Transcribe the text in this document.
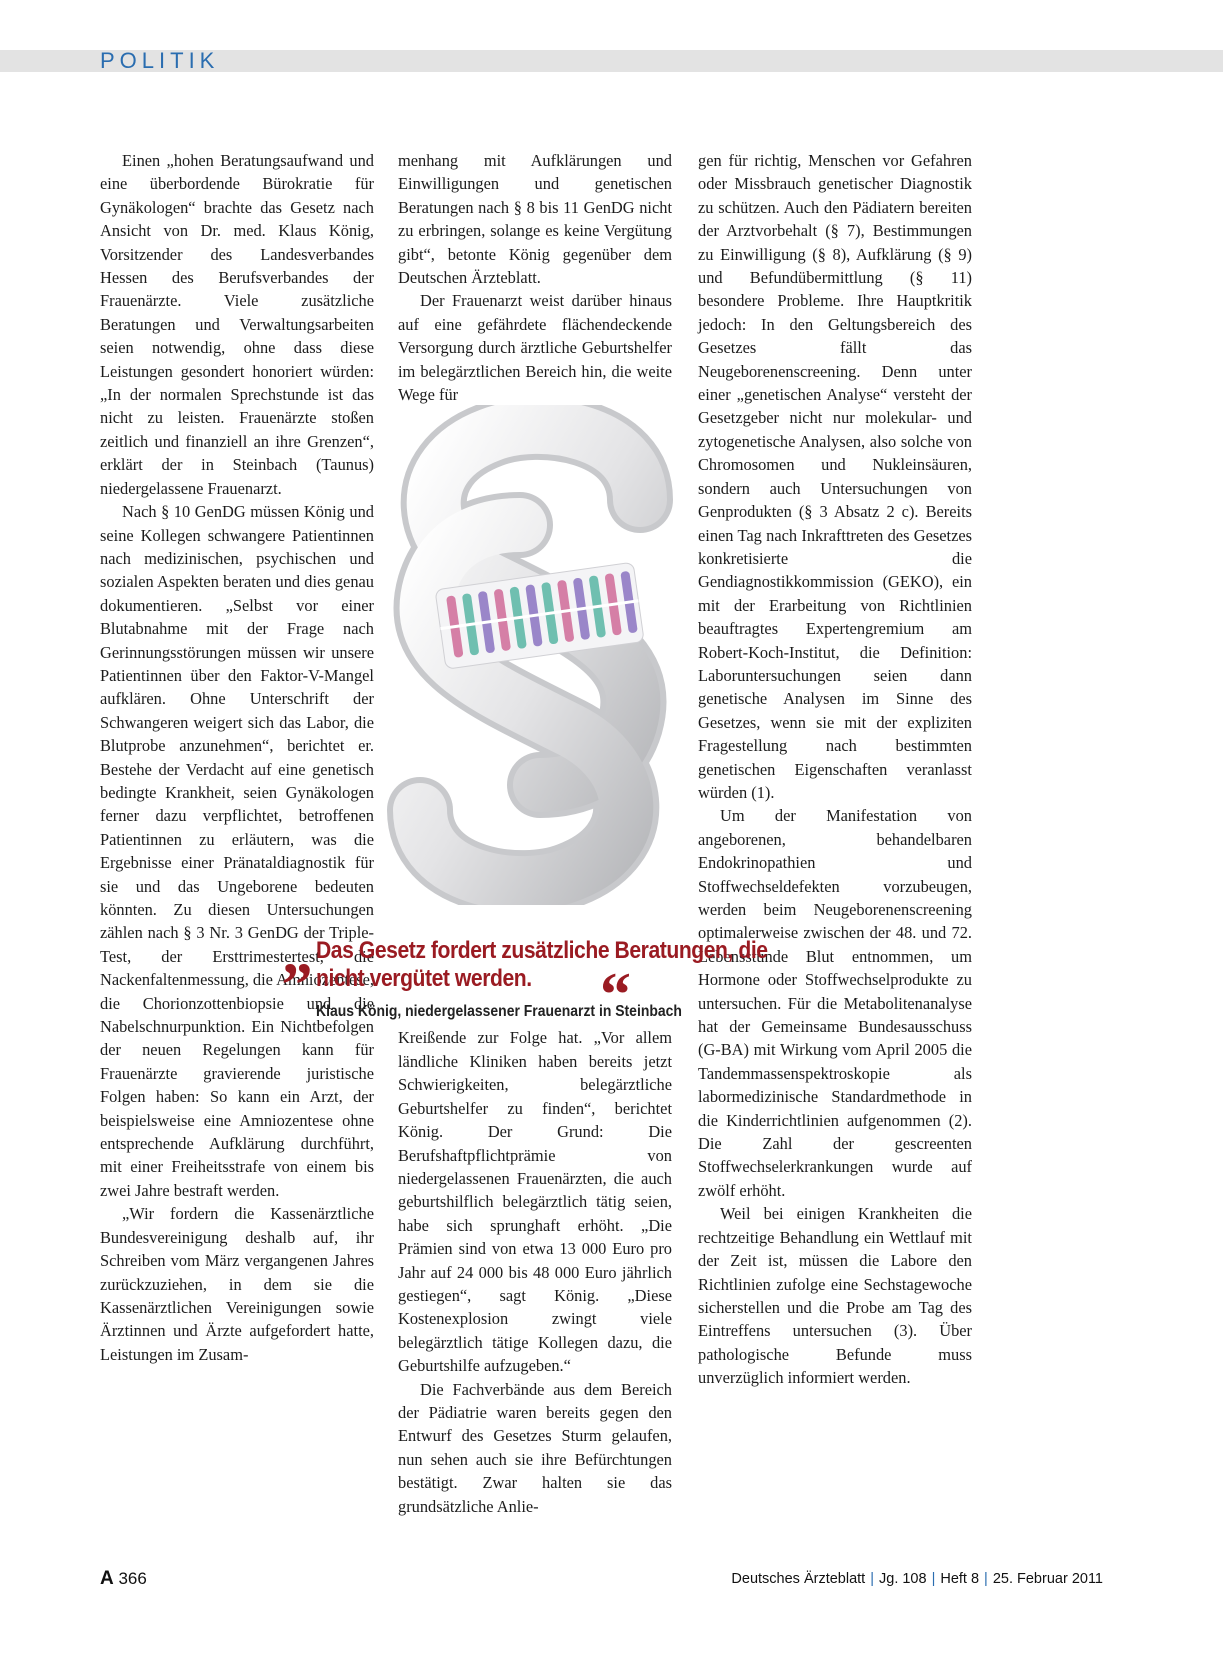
POLITIK

Einen „hohen Beratungsaufwand und eine überbordende Bürokratie für Gynäkologen“ brachte das Gesetz nach Ansicht von Dr. med. Klaus König, Vorsitzender des Landesverbandes Hessen des Berufsverbandes der Frauenärzte. Viele zusätzliche Beratungen und Verwaltungsarbeiten seien notwendig, ohne dass diese Leistungen gesondert honoriert würden: „In der normalen Sprechstunde ist das nicht zu leisten. Frauenärzte stoßen zeitlich und finanziell an ihre Grenzen“, erklärt der in Steinbach (Taunus) niedergelassene Frauenarzt.

Nach § 10 GenDG müssen König und seine Kollegen schwangere Patientinnen nach medizinischen, psychischen und sozialen Aspekten beraten und dies genau dokumentieren. „Selbst vor einer Blutabnahme mit der Frage nach Gerinnungsstörungen müssen wir unsere Patientinnen über den Faktor-V-Mangel aufklären. Ohne Unterschrift der Schwangeren weigert sich das Labor, die Blutprobe anzunehmen“, berichtet er. Bestehe der Verdacht auf eine genetisch bedingte Krankheit, seien Gynäkologen ferner dazu verpflichtet, betroffenen Patientinnen zu erläutern, was die Ergebnisse einer Pränataldiagnostik für sie und das Ungeborene bedeuten könnten. Zu diesen Untersuchungen zählen nach § 3 Nr. 3 GenDG der Triple-Test, der Ersttrimestertest, die Nackenfaltenmessung, die Amniozentese, die Chorionzottenbiopsie und die Nabelschnurpunktion. Ein Nichtbefolgen der neuen Regelungen kann für Frauenärzte gravierende juristische Folgen haben: So kann ein Arzt, der beispielsweise eine Amniozentese ohne entsprechende Aufklärung durchführt, mit einer Freiheitsstrafe von einem bis zwei Jahre bestraft werden.

„Wir fordern die Kassenärztliche Bundesvereinigung deshalb auf, ihr Schreiben vom März vergangenen Jahres zurückzuziehen, in dem sie die Kassenärztlichen Vereinigungen sowie Ärztinnen und Ärzte aufgefordert hatte, Leistungen im Zusam-

menhang mit Aufklärungen und Einwilligungen und genetischen Beratungen nach § 8 bis 11 GenDG nicht zu erbringen, solange es keine Vergütung gibt“, betonte König gegenüber dem Deutschen Ärzteblatt.

Der Frauenarzt weist darüber hinaus auf eine gefährdete flächendeckende Versorgung durch ärztliche Geburtshelfer im belegärztlichen Bereich hin, die weite Wege für

Kreißende zur Folge hat. „Vor allem ländliche Kliniken haben bereits jetzt Schwierigkeiten, belegärztliche Geburtshelfer zu finden“, berichtet König. Der Grund: Die Berufshaftpflichtprämie von niedergelassenen Frauenärzten, die auch geburtshilflich belegärztlich tätig seien, habe sich sprunghaft erhöht. „Die Prämien sind von etwa 13 000 Euro pro Jahr auf 24 000 bis 48 000 Euro jährlich gestiegen“, sagt König. „Diese Kostenexplosion zwingt viele belegärztlich tätige Kollegen dazu, die Geburtshilfe aufzugeben.“

Die Fachverbände aus dem Bereich der Pädiatrie waren bereits gegen den Entwurf des Gesetzes Sturm gelaufen, nun sehen auch sie ihre Befürchtungen bestätigt. Zwar halten sie das grundsätzliche Anlie-

gen für richtig, Menschen vor Gefahren oder Missbrauch genetischer Diagnostik zu schützen. Auch den Pädiatern bereiten der Arztvorbehalt (§ 7), Bestimmungen zu Einwilligung (§ 8), Aufklärung (§ 9) und Befundübermittlung (§ 11) besondere Probleme. Ihre Hauptkritik jedoch: In den Geltungsbereich des Gesetzes fällt das Neugeborenenscreening. Denn unter einer „genetischen Analyse“ versteht der Gesetzgeber nicht nur molekular- und zytogenetische Analysen, also solche von Chromosomen und Nukleinsäuren, sondern auch Untersuchungen von Genprodukten (§ 3 Absatz 2 c). Bereits einen Tag nach Inkrafttreten des Gesetzes konkretisierte die Gendiagnostikkommission (GEKO), ein mit der Erarbeitung von Richtlinien beauftragtes Expertengremium am Robert-Koch-Institut, die Definition: Laboruntersuchungen seien dann genetische Analysen im Sinne des Gesetzes, wenn sie mit der expliziten Fragestellung nach bestimmten genetischen Eigenschaften veranlasst würden (1).

Um der Manifestation von angeborenen, behandelbaren Endokrinopathien und Stoffwechseldefekten vorzubeugen, werden beim Neugeborenenscreening optimalerweise zwischen der 48. und 72. Lebensstunde Blut entnommen, um Hormone oder Stoffwechselprodukte zu untersuchen. Für die Metabolitenanalyse hat der Gemeinsame Bundesausschuss (G-BA) mit Wirkung vom April 2005 die Tandemmassenspektroskopie als labormedizinische Standardmethode in die Kinderrichtlinien aufgenommen (2). Die Zahl der gescreenten Stoffwechselerkrankungen wurde auf zwölf erhöht.

Weil bei einigen Krankheiten die rechtzeitige Behandlung ein Wettlauf mit der Zeit ist, müssen die Labore den Richtlinien zufolge eine Sechstagewoche sicherstellen und die Probe am Tag des Eintreffens untersuchen (3). Über pathologische Befunde muss unverzüglich informiert werden.

„ Das Gesetz fordert zusätzliche Beratungen, die nicht vergütet werden.	“
Klaus König, niedergelassener Frauenarzt in Steinbach
A 366	Deutsches Ärzteblatt | Jg. 108 | Heft 8 | 25. Februar 2011
